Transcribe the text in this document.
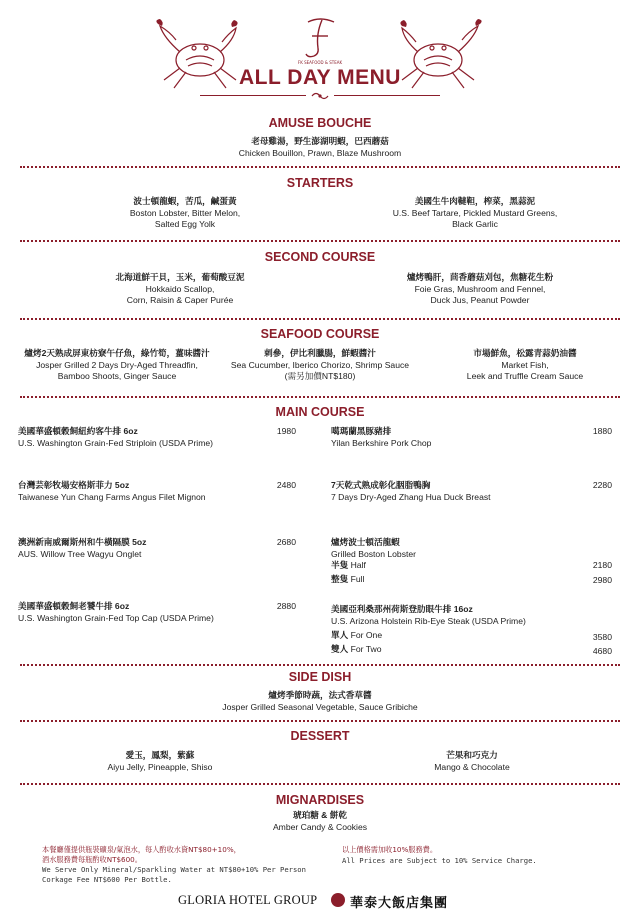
FK SEAFOOD & STEAK
ALL DAY MENU
AMUSE BOUCHE
老母雞湯，野生澎湖明蝦，巴西蘑菇
Chicken Bouillon, Prawn, Blaze Mushroom
STARTERS
波士頓龍蝦，苦瓜，鹹蛋黃
Boston Lobster, Bitter Melon,
Salted Egg Yolk
美國生牛肉韃靼，榨菜，黑蒜泥
U.S. Beef Tartare, Pickled Mustard Greens,
Black Garlic
SECOND COURSE
北海道鮮干貝，玉米，葡萄酸豆泥
Hokkaido Scallop,
Corn, Raisin & Caper Purée
爐烤鴨肝，茴香蘑菇刈包，焦糖花生粉
Foie Gras, Mushroom and Fennel,
Duck Jus, Peanut Powder
SEAFOOD COURSE
爐烤2天熟成屏東枋寮午仔魚，綠竹筍，薑味醬汁
Josper Grilled 2 Days Dry-Aged Threadfin,
Bamboo Shoots, Ginger Sauce
刺參，伊比利臘腸，鮮蝦醬汁
Sea Cucumber, Iberico Chorizo, Shrimp Sauce
(需另加價NT$180)
市場鮮魚，松露青蒜奶油醬
Market Fish,
Leek and Truffle Cream Sauce
MAIN COURSE
美國華盛頓穀飼紐約客牛排 6oz
U.S. Washington Grain-Fed Striploin (USDA Prime)
1980
台灣芸彰牧場安格斯菲力 5oz
Taiwanese Yun Chang Farms Angus Filet Mignon
2480
澳洲新南威爾斯州和牛橫隔膜 5oz
AUS. Willow Tree Wagyu Onglet
2680
美國華盛頓穀飼老饕牛排 6oz
U.S. Washington Grain-Fed Top Cap (USDA Prime)
2880
噶瑪蘭黑豚豬排
Yilan Berkshire Pork Chop
1880
7天乾式熟成彰化胭脂鴨胸
7 Days Dry-Aged Zhang Hua Duck Breast
2280
爐烤波士頓活龍蝦
Grilled Boston Lobster
半隻 Half
整隻 Full
2180
2980
美國亞利桑那州荷斯登肋眼牛排 16oz
U.S. Arizona Holstein Rib-Eye Steak (USDA Prime)
單人 For One
雙人 For Two
3580
4680
SIDE DISH
爐烤季節時蔬，法式香草醬
Josper Grilled Seasonal Vegetable, Sauce Gribiche
DESSERT
愛玉，鳳梨，紫蘇
Aiyu Jelly, Pineapple, Shiso
芒果和巧克力
Mango & Chocolate
MIGNARDISES
琥珀糖 & 餅乾
Amber Candy & Cookies
本餐廳僅提供瓶裝礦泉/氣泡水，每人酌收水資NT$80+10%，
酒水服務費每瓶酌收NT$600。
We Serve Only Mineral/Sparkling Water at NT$80+10% Per Person
Corkage Fee NT$600 Per Bottle.
以上價格需加收10%服務費。
All Prices are Subject to 10% Service Charge.
GLORIA HOTEL GROUP	華泰大飯店集團
